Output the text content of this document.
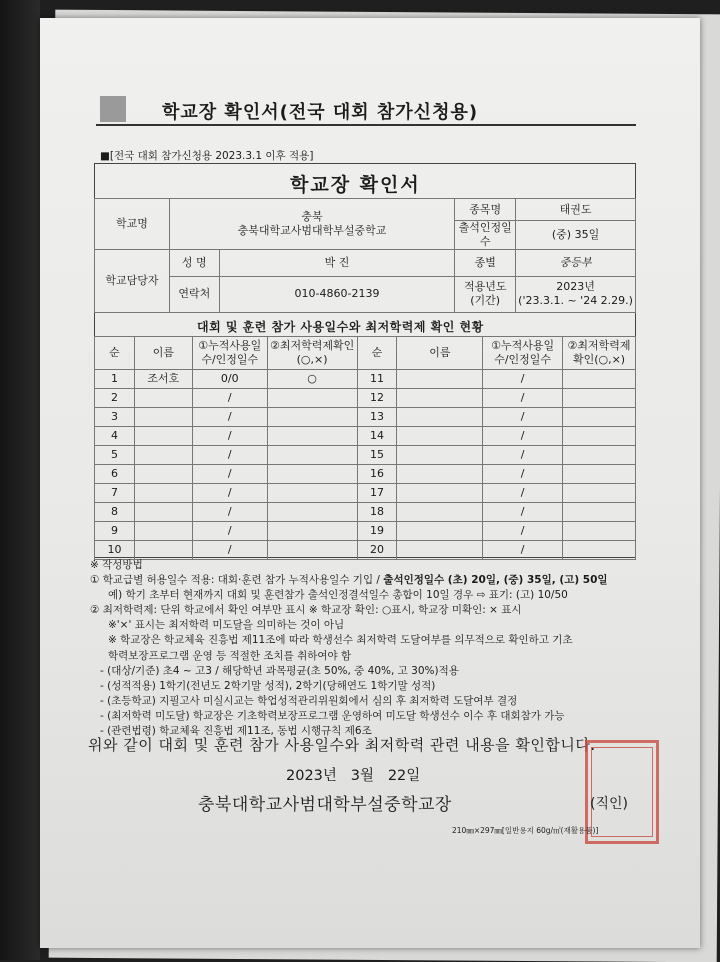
학교장 확인서(전국 대회 참가신청용)
■[전국 대회 참가신청용 2023.3.1 이후 적용]
학교장 확인서
학교명	충북
충북대학교사범대학부설중학교		종목명	태권도
			출석인정일수	(중) 35일
학교담당자	성 명	박 진	종별	중등부
	연락처	010-4860-2139	적용년도(기간)	2023년
('23.3.1. ~ '24 2.29.)
대회 및 훈련 참가 사용일수와 최저학력제 확인 현황
순	이름	①누적사용일수/인정일수	②최저학력제확인(○,×)	순	이름	①누적사용일수/인정일수	②최저학력제확인(○,×)
1	조서호	0/0	○	11		/	
2		/		12		/	
3		/		13		/	
4		/		14		/	
5		/		15		/	
6		/		16		/	
7		/		17		/	
8		/		18		/	
9		/		19		/	
10		/		20		/	
※ 작성방법
① 학교급별 허용일수 적용: 대회·훈련 참가 누적사용일수 기입 / 출석인정일수 (초) 20일, (중) 35일, (고) 50일
예) 학기 초부터 현재까지 대회 및 훈련참가 출석인정결석일수 총합이 10일 경우 ⇨ 표기: (고) 10/50
② 최저학력제: 단위 학교에서 확인 여부만 표시 ※ 학교장 확인: ○표시, 학교장 미확인: × 표시
※'×' 표시는 최저학력 미도달을 의미하는 것이 아님
※ 학교장은 학교체육 진흥법 제11조에 따라 학생선수 최저학력 도달여부를 의무적으로 확인하고 기초
학력보장프로그램 운영 등 적절한 조치를 취하여야 함
- (대상/기준) 초4 ~ 고3 / 해당학년 과목평균(초 50%, 중 40%, 고 30%)적용
- (성적적용) 1학기(전년도 2학기말 성적), 2학기(당해연도 1학기말 성적)
- (초등학교) 지필고사 미실시교는 학업성적관리위원회에서 심의 후 최저학력 도달여부 결정
- (최저학력 미도달) 학교장은 기초학력보장프로그램 운영하여 미도달 학생선수 이수 후 대회참가 가능
- (관련법령) 학교체육 진흥법 제11조, 동법 시행규칙 제6조
위와 같이 대회 및 훈련 참가 사용일수와 최저학력 관련 내용을 확인합니다.
2023년 3월 22일
충북대학교사범대학부설중학교장	(직인)
210㎜×297㎜[일반용지 60g/㎡(재활용품)]
